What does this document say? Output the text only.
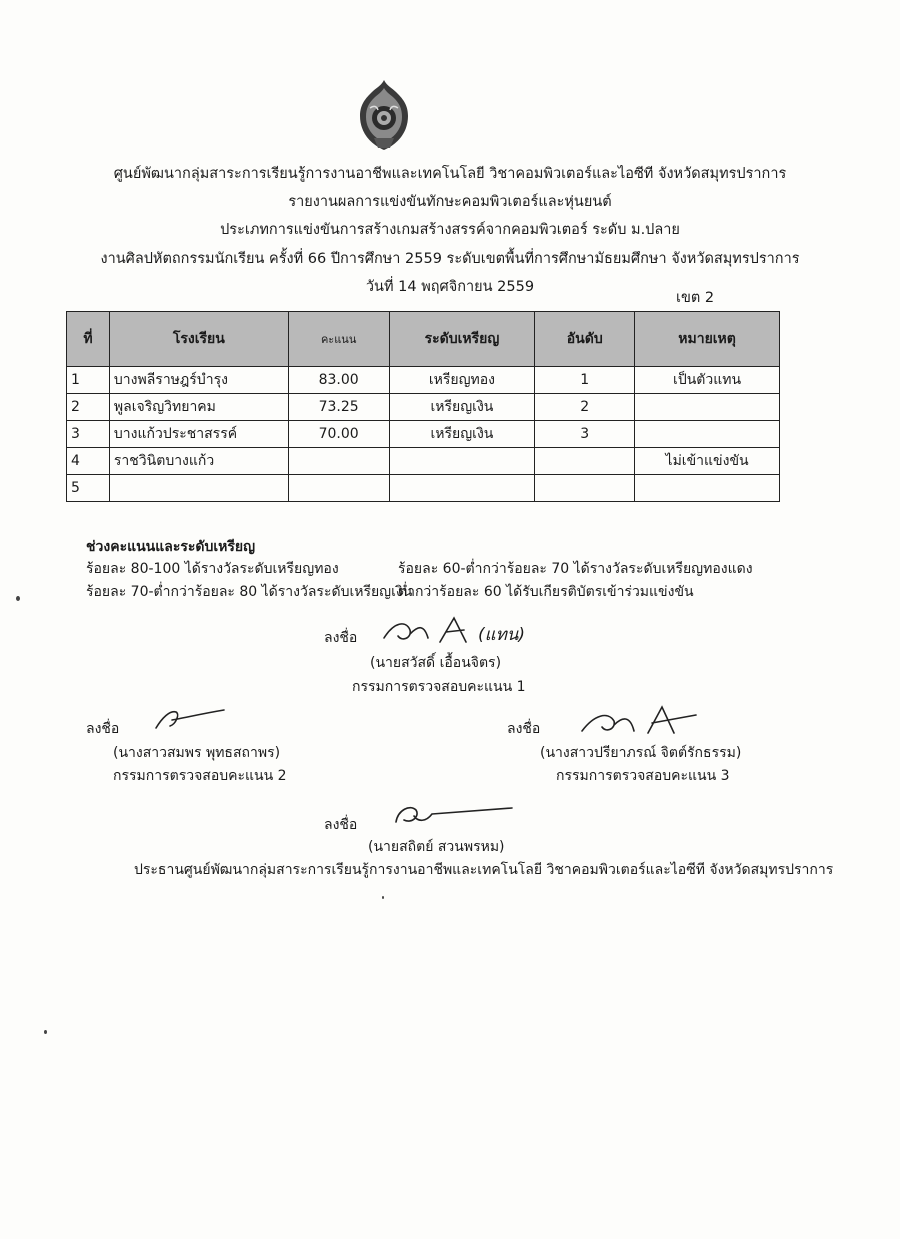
ศูนย์พัฒนากลุ่มสาระการเรียนรู้การงานอาชีพและเทคโนโลยี วิชาคอมพิวเตอร์และไอซีที จังหวัดสมุทรปราการ
รายงานผลการแข่งขันทักษะคอมพิวเตอร์และหุ่นยนต์
ประเภทการแข่งขันการสร้างเกมสร้างสรรค์จากคอมพิวเตอร์ ระดับ ม.ปลาย
งานศิลปหัตถกรรมนักเรียน ครั้งที่ 66 ปีการศึกษา 2559 ระดับเขตพื้นที่การศึกษามัธยมศึกษา จังหวัดสมุทรปราการ
วันที่ 14 พฤศจิกายน 2559
เขต 2
ที่	โรงเรียน	คะแนน	ระดับเหรียญ	อันดับ	หมายเหตุ
1	บางพลีราษฎร์บำรุง	83.00	เหรียญทอง	1	เป็นตัวแทน
2	พูลเจริญวิทยาคม	73.25	เหรียญเงิน	2	
3	บางแก้วประชาสรรค์	70.00	เหรียญเงิน	3	
4	ราชวินิตบางแก้ว				ไม่เข้าแข่งขัน
5					
ช่วงคะแนนและระดับเหรียญ
ร้อยละ 80-100 ได้รางวัลระดับเหรียญทอง
ร้อยละ 70-ต่ำกว่าร้อยละ 80 ได้รางวัลระดับเหรียญเงิน
ร้อยละ 60-ต่ำกว่าร้อยละ 70 ได้รางวัลระดับเหรียญทองแดง
ต่ำกว่าร้อยละ 60 ได้รับเกียรติบัตรเข้าร่วมแข่งขัน
ลงชื่อ	(แทน)
(นายสวัสดิ์ เอื้อนจิตร)
กรรมการตรวจสอบคะแนน 1
ลงชื่อ
(นางสาวสมพร พุทธสถาพร)
กรรมการตรวจสอบคะแนน 2
ลงชื่อ
(นางสาวปรียาภรณ์ จิตต์รักธรรม)
กรรมการตรวจสอบคะแนน 3
ลงชื่อ
(นายสถิตย์ สวนพรหม)
ประธานศูนย์พัฒนากลุ่มสาระการเรียนรู้การงานอาชีพและเทคโนโลยี วิชาคอมพิวเตอร์และไอซีที จังหวัดสมุทรปราการ
